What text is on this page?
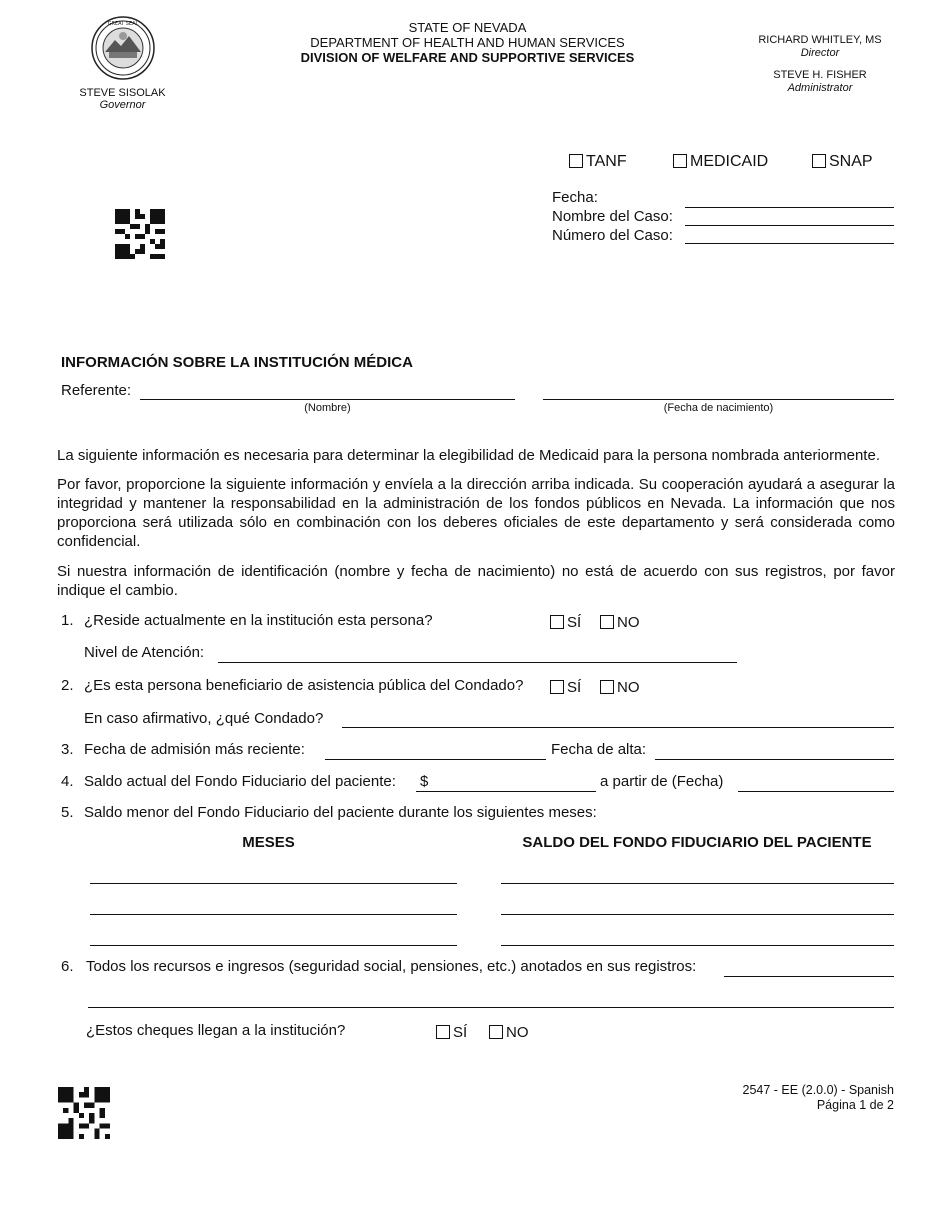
GREAT SEAL
STEVE SISOLAK
Governor
STATE OF NEVADA
DEPARTMENT OF HEALTH AND HUMAN SERVICES
DIVISION OF WELFARE AND SUPPORTIVE SERVICES
RICHARD WHITLEY, MS
Director
STEVE H. FISHER
Administrator
TANF	MEDICAID	SNAP
Fecha:
Nombre del Caso:
Número del Caso:
INFORMACIÓN SOBRE LA INSTITUCIÓN MÉDICA
Referente:
(Nombre)	(Fecha de nacimiento)
La siguiente información es necesaria para determinar la elegibilidad de Medicaid para la persona nombrada anteriormente.
Por favor, proporcione la siguiente información y envíela a la dirección arriba indicada. Su cooperación ayudará a asegurar la integridad y mantener la responsabilidad en la administración de los fondos públicos en Nevada. La información que nos proporciona será utilizada sólo en combinación con los deberes oficiales de este departamento y será considerada como confidencial.
Si nuestra información de identificación (nombre y fecha de nacimiento) no está de acuerdo con sus registros, por favor indique el cambio.
1. ¿Reside actualmente en la institución esta persona?	SÍ	NO
Nivel de Atención:
2. ¿Es esta persona beneficiario de asistencia pública del Condado?	SÍ	NO
En caso afirmativo, ¿qué Condado?
3. Fecha de admisión más reciente:	Fecha de alta:
4. Saldo actual del Fondo Fiduciario del paciente: $	a partir de (Fecha)
5. Saldo menor del Fondo Fiduciario del paciente durante los siguientes meses:
MESES	SALDO DEL FONDO FIDUCIARIO DEL PACIENTE
6. Todos los recursos e ingresos (seguridad social, pensiones, etc.) anotados en sus registros:
¿Estos cheques llegan a la institución?	SÍ	NO
2547 - EE (2.0.0) - Spanish
Página 1 de 2
